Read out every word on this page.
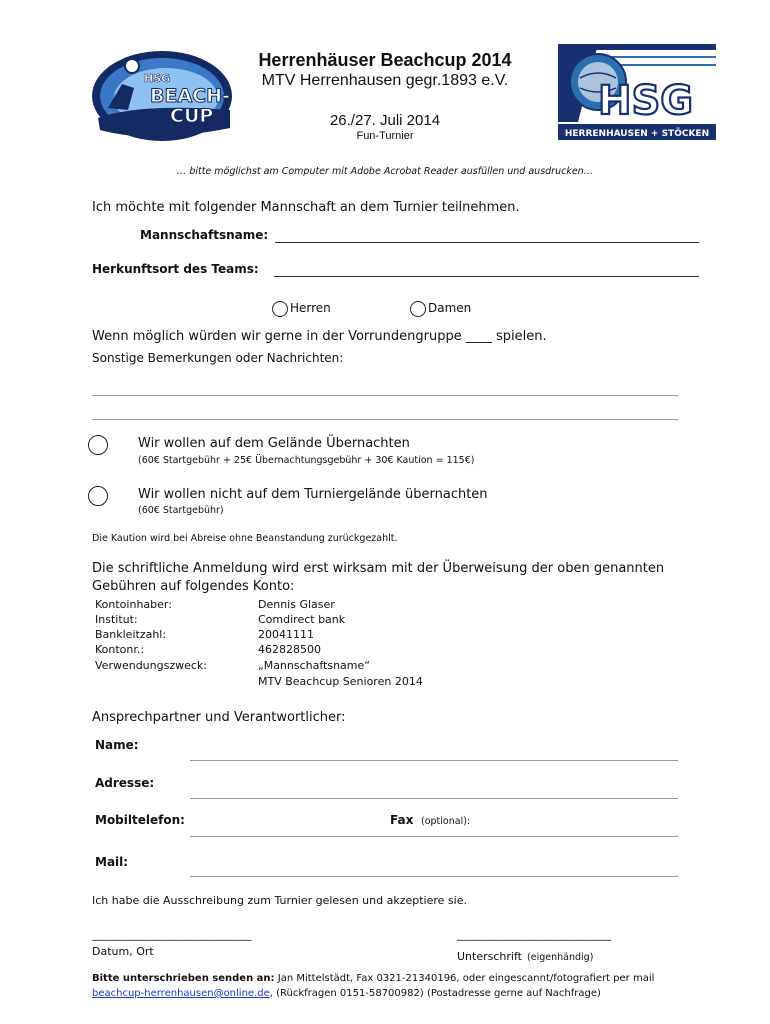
HSG
BEACH-
CUP
Herrenhäuser Beachcup 2014
MTV Herrenhausen gegr.1893 e.V.
26./27. Juli 2014
Fun-Turnier
HSG
HERRENHAUSEN + STÖCKEN
… bitte möglichst am Computer mit Adobe Acrobat Reader ausfüllen und ausdrucken…
Ich möchte mit folgender Mannschaft an dem Turnier teilnehmen.
Mannschaftsname:
Herkunftsort des Teams:
Herren	Damen
Wenn möglich würden wir gerne in der Vorrundengruppe ____ spielen.
Sonstige Bemerkungen oder Nachrichten:
Wir wollen auf dem Gelände Übernachten
(60€ Startgebühr + 25€ Übernachtungsgebühr + 30€ Kaution = 115€)
Wir wollen nicht auf dem Turniergelände übernachten
(60€ Startgebühr)
Die Kaution wird bei Abreise ohne Beanstandung zurückgezahlt.
Die schriftliche Anmeldung wird erst wirksam mit der Überweisung der oben genannten
Gebühren auf folgendes Konto:
Kontoinhaber:	Dennis Glaser
Institut:	Comdirect bank
Bankleitzahl:	20041111
Kontonr.:	462828500
Verwendungszweck:	„Mannschaftsname“
MTV Beachcup Senioren 2014
Ansprechpartner und Verantwortlicher:
Name:
Adresse:
Mobiltelefon:	Fax (optional):
Mail:
Ich habe die Ausschreibung zum Turnier gelesen und akzeptiere sie.
_____________________________
Datum, Ort
____________________________
Unterschrift (eigenhändig)
Bitte unterschrieben senden an: Jan Mittelstädt, Fax 0321-21340196, oder eingescannt/fotografiert per mail
beachcup-herrenhausen@online.de, (Rückfragen 0151-58700982) (Postadresse gerne auf Nachfrage)
